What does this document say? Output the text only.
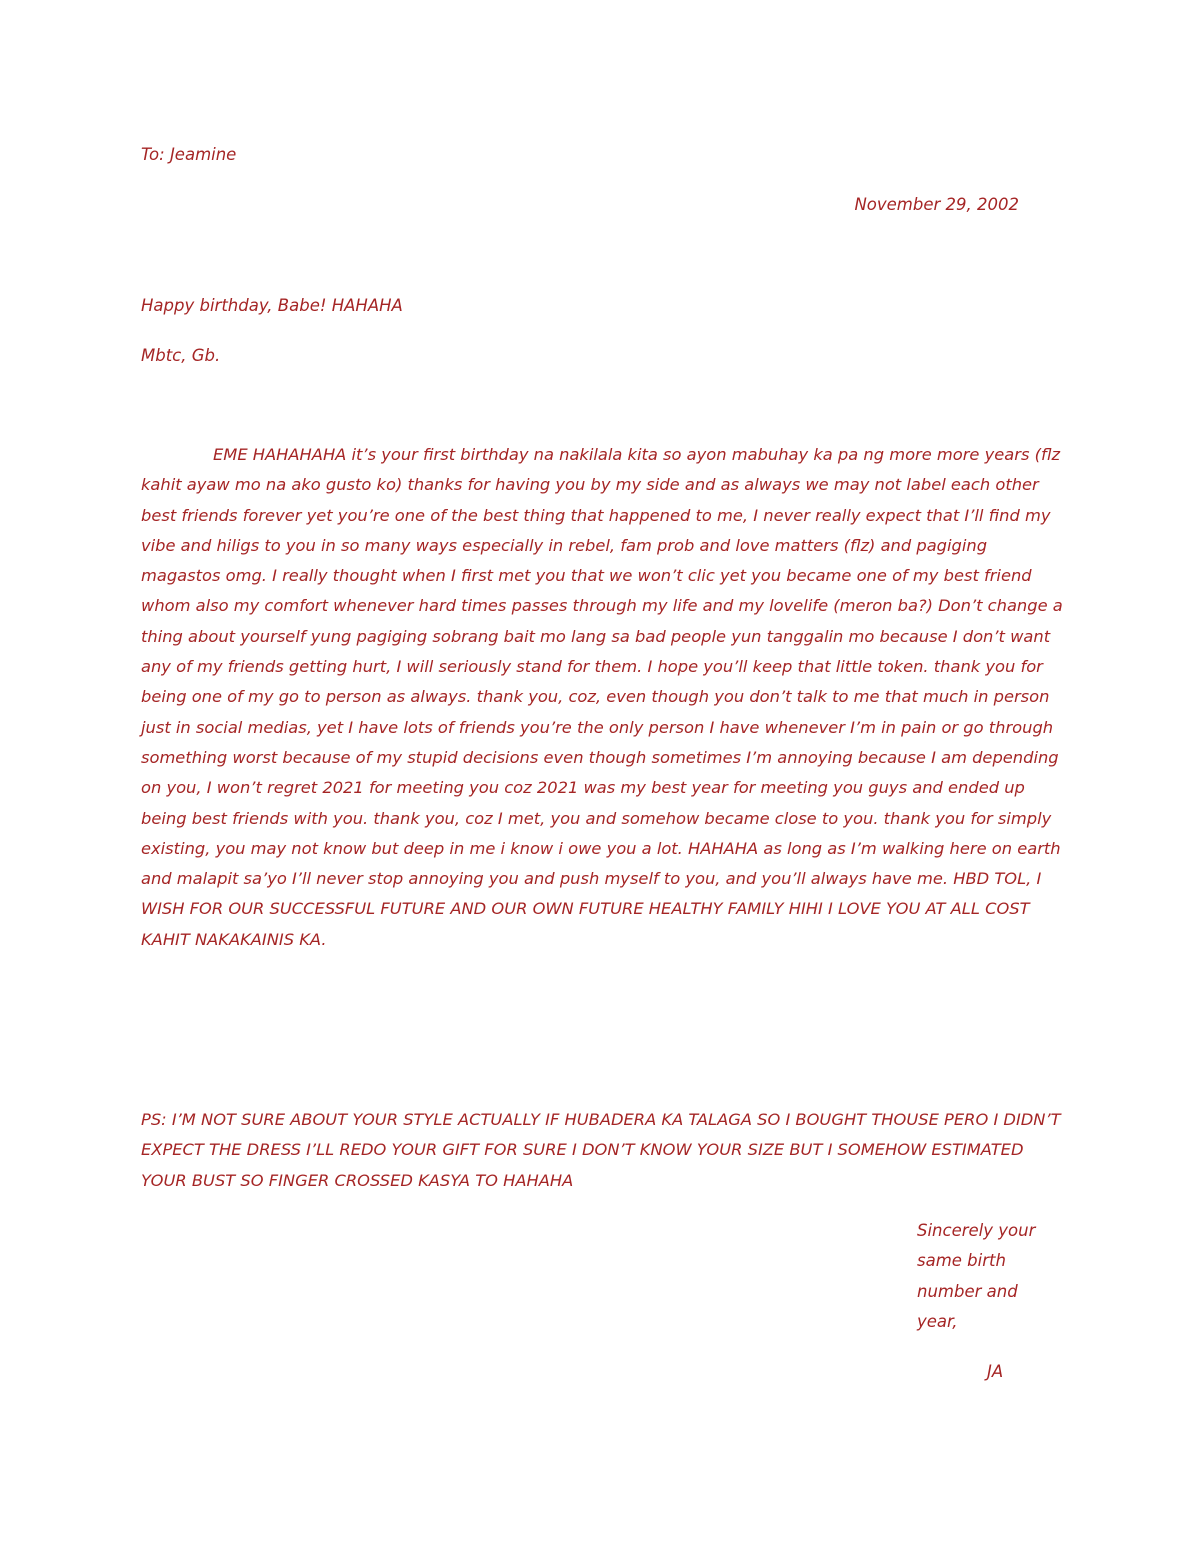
To: Jeamine

November 29, 2002

Happy birthday, Babe! HAHAHA

Mbtc, Gb.

EME HAHAHAHA it’s your first birthday na nakilala kita so ayon mabuhay ka pa ng more more years (flz kahit ayaw mo na ako gusto ko) thanks for having you by my side and as always we may not label each other best friends forever yet you’re one of the best thing that happened to me, I never really expect that I’ll find my vibe and hiligs to you in so many ways especially in rebel, fam prob and love matters (flz) and pagiging magastos omg. I really thought when I first met you that we won’t clic yet you became one of my best friend whom also my comfort whenever hard times passes through my life and my lovelife (meron ba?) Don’t change a thing about yourself yung pagiging sobrang bait mo lang sa bad people yun tanggalin mo because I don’t want any of my friends getting hurt, I will seriously stand for them. I hope you’ll keep that little token. thank you for being one of my go to person as always. thank you, coz, even though you don’t talk to me that much in person just in social medias, yet I have lots of friends you’re the only person I have whenever I’m in pain or go through something worst because of my stupid decisions even though sometimes I’m annoying because I am depending on you, I won’t regret 2021 for meeting you coz 2021 was my best year for meeting you guys and ended up being best friends with you. thank you, coz I met, you and somehow became close to you. thank you for simply existing, you may not know but deep in me i know i owe you a lot. HAHAHA as long as I’m walking here on earth and malapit sa’yo I’ll never stop annoying you and push myself to you, and you’ll always have me. HBD TOL, I WISH FOR OUR SUCCESSFUL FUTURE AND OUR OWN FUTURE HEALTHY FAMILY HIHI I LOVE YOU AT ALL COST KAHIT NAKAKAINIS KA.

PS: I’M NOT SURE ABOUT YOUR STYLE ACTUALLY IF HUBADERA KA TALAGA SO I BOUGHT THOUSE PERO I DIDN’T EXPECT THE DRESS I’LL REDO YOUR GIFT FOR SURE I DON’T KNOW YOUR SIZE BUT I SOMEHOW ESTIMATED YOUR BUST SO FINGER CROSSED KASYA TO HAHAHA

Sincerely your same birth number and year,

JA
